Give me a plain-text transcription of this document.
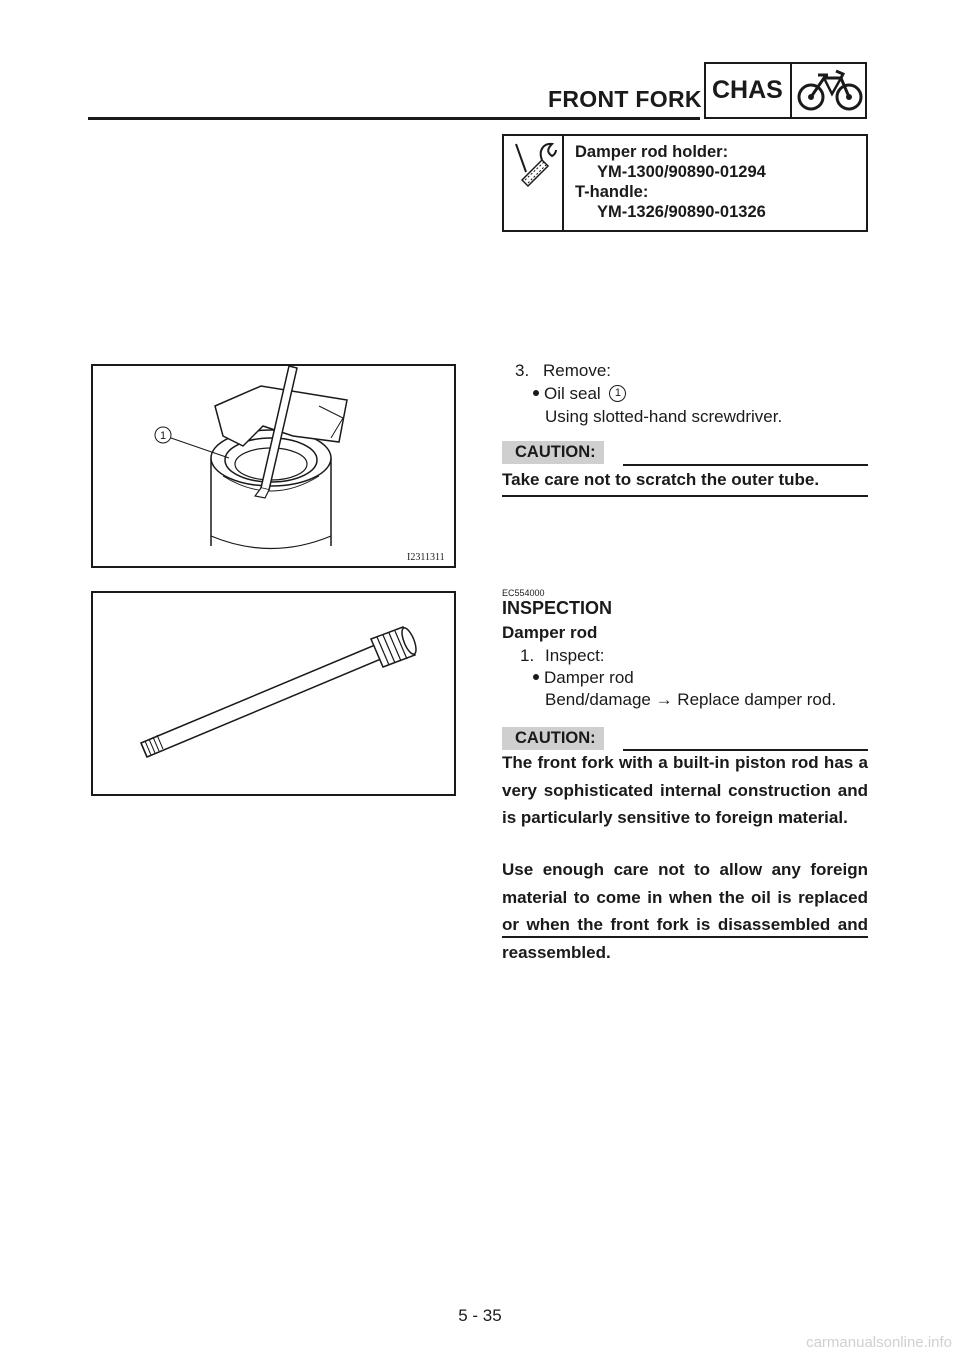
FRONT FORK CHAS
Damper rod holder:
YM-1300/90890-01294
T-handle:
YM-1326/90890-01326
1
I2311311
3. Remove:
Oil seal 1
Using slotted-hand screwdriver.
CAUTION:
Take care not to scratch the outer tube.
EC554000
INSPECTION
Damper rod
1. Inspect:
Damper rod
Bend/damage → Replace damper rod.
CAUTION:
The front fork with a built-in piston rod has a very sophisticated internal construction and is particularly sensitive to foreign material.
Use enough care not to allow any foreign material to come in when the oil is replaced or when the front fork is disassembled and reassembled.
5 - 35
carmanualsonline.info
